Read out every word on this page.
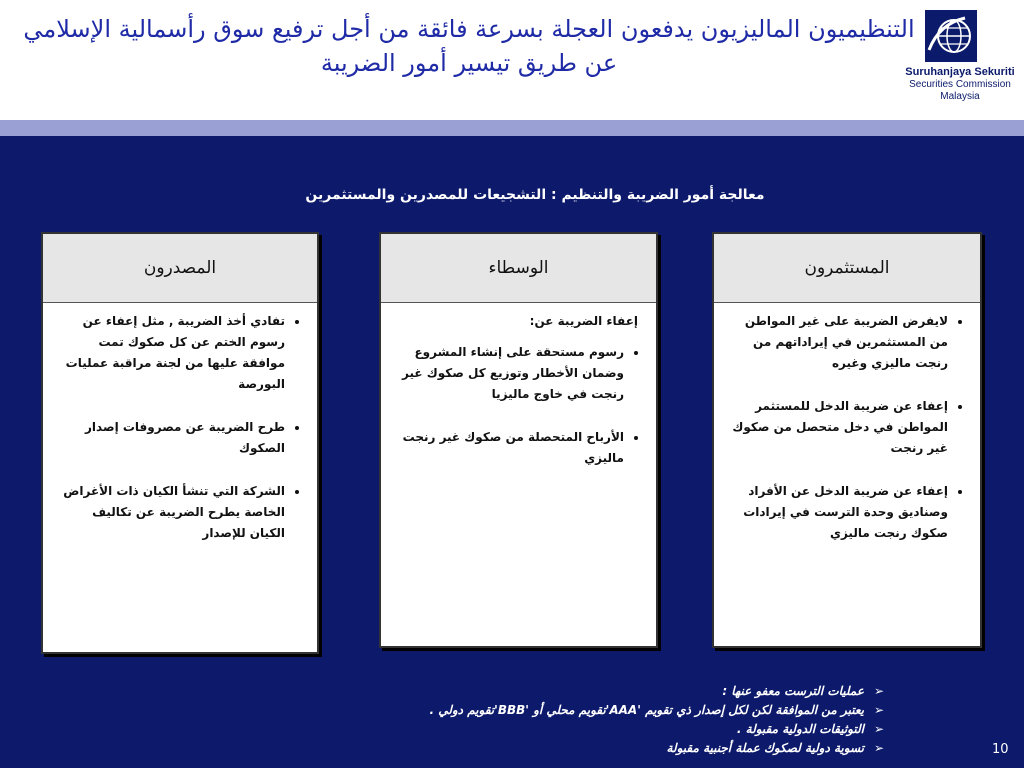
التنظيميون الماليزيون يدفعون العجلة بسرعة فائقة من أجل ترفيع سوق رأسمالية الإسلامي عن طريق تيسير أمور الضريبة	Suruhanjaya Sekuriti
Securities Commission
Malaysia
معالجة أمور الضريبة والتنظيم : التشجيعات للمصدرين والمستثمرين
المستثمرون
• لايفرض الضريبة على غير المواطن من المستثمرين في إيراداتهم من رنجت ماليزي وغيره
• إعفاء عن ضريبة الدخل للمستثمر المواطن في دخل متحصل من صكوك غير رنجت
• إعفاء عن ضريبة الدخل عن الأفراد وصناديق وحدة الترست في إيرادات صكوك رنجت ماليزي
الوسطاء
إعفاء الضريبة عن:
• رسوم مستحقة على إنشاء المشروع وضمان الأخطار وتوزيع كل صكوك غير رنجت في خاوج ماليزيا
• الأرباح المتحصلة من صكوك غير رنجت ماليزي
المصدرون
• تفادي أخذ الضريبة , مثل إعفاء عن رسوم الختم عن كل صكوك تمت موافقة عليها من لجنة مراقبة عمليات البورصة
• طرح الضريبة عن مصروفات إصدار الصكوك
• الشركة التي تنشأ الكيان ذات الأغراض الخاصة يطرح الضريبة عن تكاليف الكيان للإصدار
➢عمليات الترست معفو عنها :
➢يعتبر من الموافقة لكن لكل إصدار ذي تقويم 'AAA'تقويم محلي أو 'BBB'تقويم دولي .
➢التوثيقات الدولية مقبولة .
➢تسوية دولية لصكوك عملة أجنبية مقبولة	10
